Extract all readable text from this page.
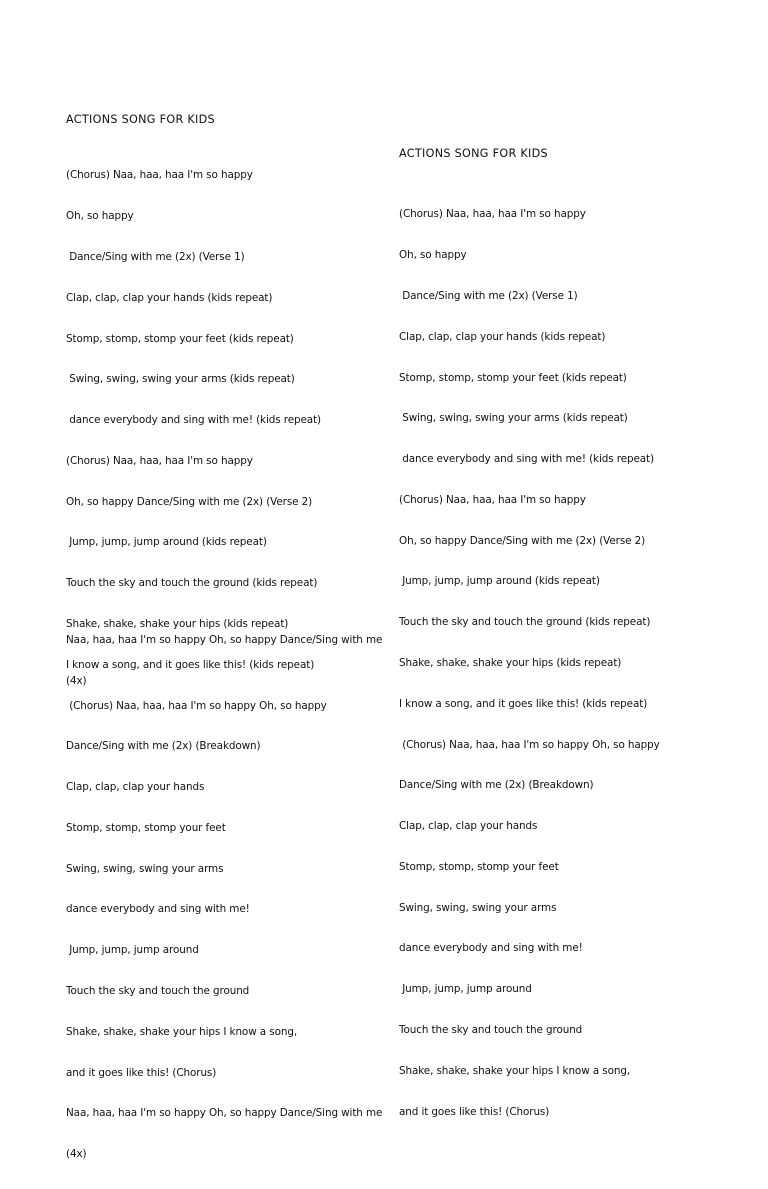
ACTIONS SONG FOR KIDS

(Chorus) Naa, haa, haa I'm so happy

Oh, so happy

Dance/Sing with me (2x) (Verse 1)

Clap, clap, clap your hands (kids repeat)

Stomp, stomp, stomp your feet (kids repeat)

Swing, swing, swing your arms (kids repeat)

dance everybody and sing with me! (kids repeat)

(Chorus) Naa, haa, haa I'm so happy

Oh, so happy Dance/Sing with me (2x) (Verse 2)

Jump, jump, jump around (kids repeat)

Touch the sky and touch the ground (kids repeat)

Shake, shake, shake your hips (kids repeat)

I know a song, and it goes like this! (kids repeat)

(Chorus) Naa, haa, haa I'm so happy Oh, so happy

Dance/Sing with me (2x) (Breakdown)

Clap, clap, clap your hands

Stomp, stomp, stomp your feet

Swing, swing, swing your arms

dance everybody and sing with me!

Jump, jump, jump around

Touch the sky and touch the ground

Shake, shake, shake your hips I know a song,

and it goes like this! (Chorus)

Naa, haa, haa I'm so happy Oh, so happy Dance/Sing with me

(4x)

ACTIONS SONG FOR KIDS

(Chorus) Naa, haa, haa I'm so happy

Oh, so happy

Dance/Sing with me (2x) (Verse 1)

Clap, clap, clap your hands (kids repeat)

Stomp, stomp, stomp your feet (kids repeat)

Swing, swing, swing your arms (kids repeat)

dance everybody and sing with me! (kids repeat)

(Chorus) Naa, haa, haa I'm so happy

Oh, so happy Dance/Sing with me (2x) (Verse 2)

Jump, jump, jump around (kids repeat)

Touch the sky and touch the ground (kids repeat)

Shake, shake, shake your hips (kids repeat)

I know a song, and it goes like this! (kids repeat)

(Chorus) Naa, haa, haa I'm so happy Oh, so happy

Dance/Sing with me (2x) (Breakdown)

Clap, clap, clap your hands

Stomp, stomp, stomp your feet

Swing, swing, swing your arms

dance everybody and sing with me!

Jump, jump, jump around

Touch the sky and touch the ground

Shake, shake, shake your hips I know a song,

and it goes like this! (Chorus)

Naa, haa, haa I'm so happy Oh, so happy Dance/Sing with me

(4x)
